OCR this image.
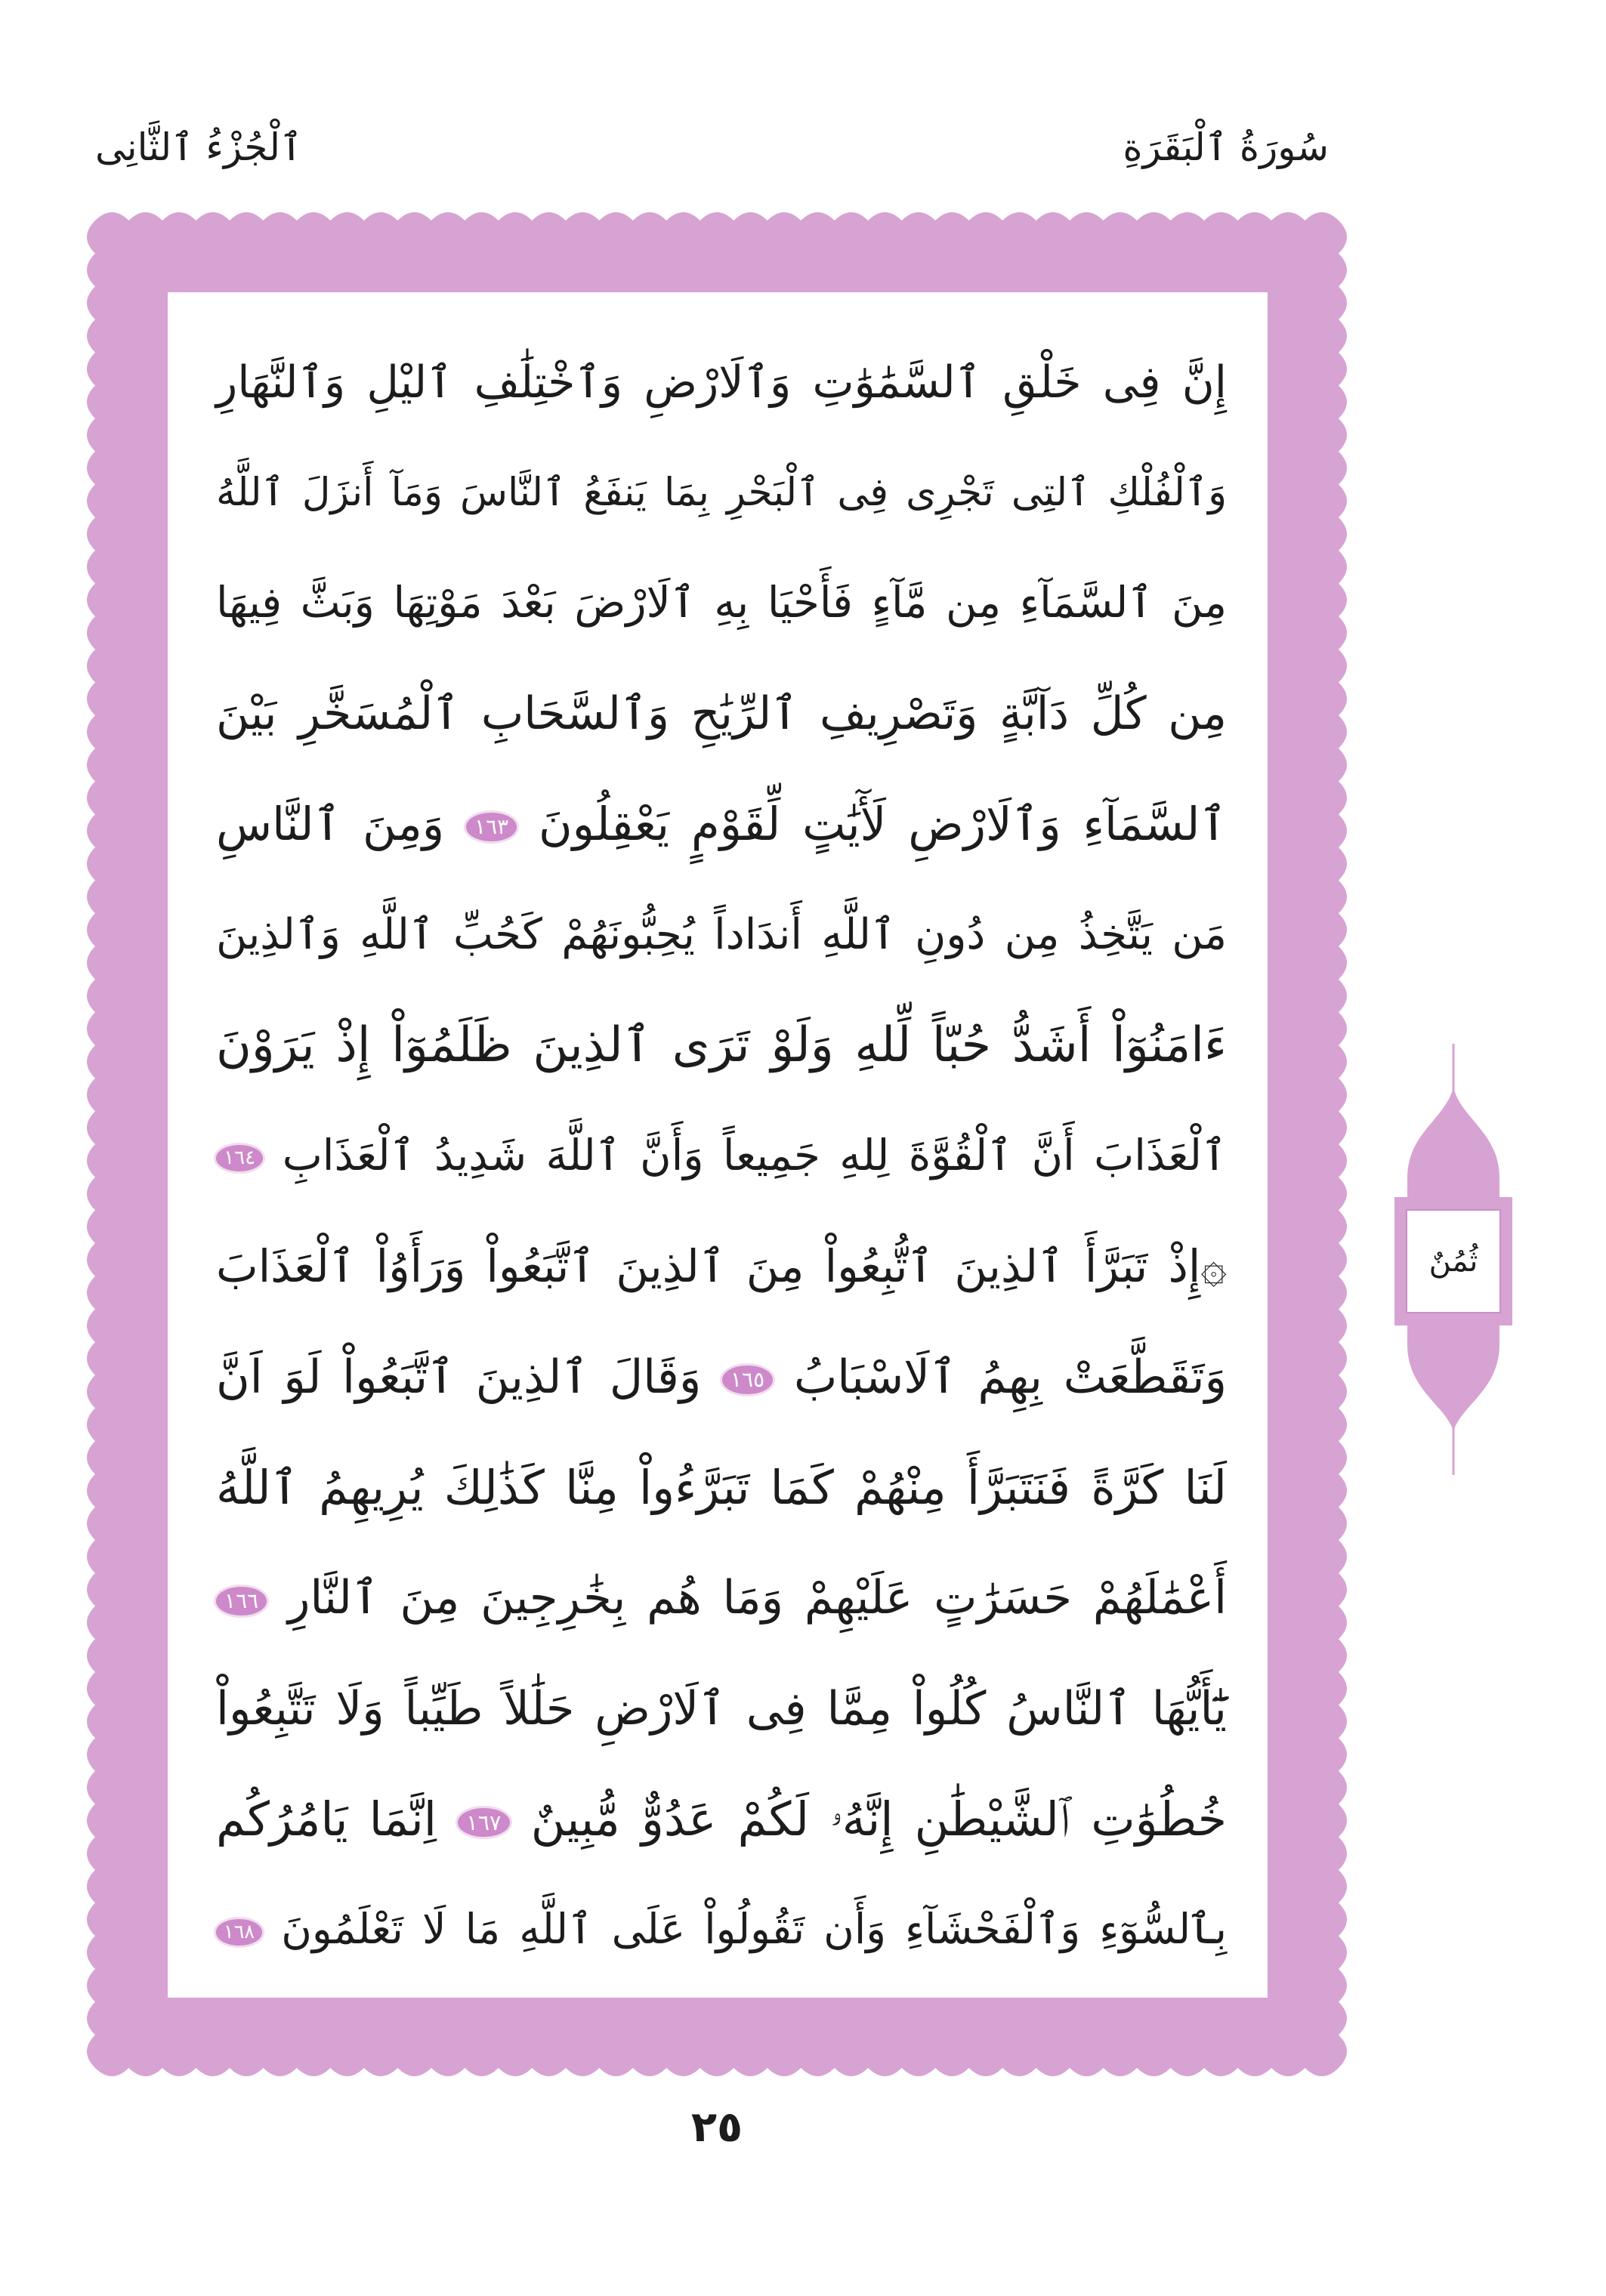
سُورَةُ ٱلْبَقَرَةِ
ٱلْجُزْءُ ٱلثَّانِى
إِنَّ فِى خَلْقِ ٱلسَّمَٰوَٰتِ وَٱلَارْضِ وَٱخْتِلَٰفِ ٱليْلِ وَٱلنَّهَارِ
وَٱلْفُلْكِ ٱلتِى تَجْرِى فِى ٱلْبَحْرِ بِمَا يَنفَعُ ٱلنَّاسَ وَمَآ أَنزَلَ ٱللَّهُ
مِنَ ٱلسَّمَآءِ مِن مَّآءٍ فَأَحْيَا بِهِ ٱلَارْضَ بَعْدَ مَوْتِهَا وَبَثَّ فِيهَا
مِن كُلِّ دَآبَّةٍ وَتَصْرِيفِ ٱلرِّيَٰحِ وَٱلسَّحَابِ ٱلْمُسَخَّرِ بَيْنَ
ٱلسَّمَآءِ وَٱلَارْضِ لَأٓيَٰتٍ لِّقَوْمٍ يَعْقِلُونَ ١٦٣ وَمِنَ ٱلنَّاسِ
مَن يَتَّخِذُ مِن دُونِ ٱللَّهِ أَندَاداً يُحِبُّونَهُمْ كَحُبِّ ٱللَّهِ وَٱلذِينَ
ءَامَنُوٓاْ أَشَدُّ حُبّاً لِّلهِ وَلَوْ تَرَى ٱلذِينَ ظَلَمُوٓاْ إِذْ يَرَوْنَ
ٱلْعَذَابَ أَنَّ ٱلْقُوَّةَ لِلهِ جَمِيعاً وَأَنَّ ٱللَّهَ شَدِيدُ ٱلْعَذَابِ ١٦٤
۞إِذْ تَبَرَّأَ ٱلذِينَ ٱتُّبِعُواْ مِنَ ٱلذِينَ ٱتَّبَعُواْ وَرَأَوُاْ ٱلْعَذَابَ
وَتَقَطَّعَتْ بِهِمُ ٱلَاسْبَابُ ١٦٥ وَقَالَ ٱلذِينَ ٱتَّبَعُواْ لَوَ اَنَّ
لَنَا كَرَّةً فَنَتَبَرَّأَ مِنْهُمْ كَمَا تَبَرَّءُواْ مِنَّا كَذَٰلِكَ يُرِيهِمُ ٱللَّهُ
أَعْمَٰلَهُمْ حَسَرَٰتٍ عَلَيْهِمْ وَمَا هُم بِخَٰرِجِينَ مِنَ ٱلنَّارِ ١٦٦
يَٰٓأَيُّهَا ٱلنَّاسُ كُلُواْ مِمَّا فِى ٱلَارْضِ حَلَٰلاً طَيِّباً وَلَا تَتَّبِعُواْ
خُطُوَٰتِ ٱلشَّيْطَٰنِ إِنَّهُۥ لَكُمْ عَدُوٌّ مُّبِينٌ ١٦٧ اِنَّمَا يَامُرُكُم
بِٱلسُّوٓءِ وَٱلْفَحْشَآءِ وَأَن تَقُولُواْ عَلَى ٱللَّهِ مَا لَا تَعْلَمُونَ ١٦٨
ثُمُنٌ
٢٥
